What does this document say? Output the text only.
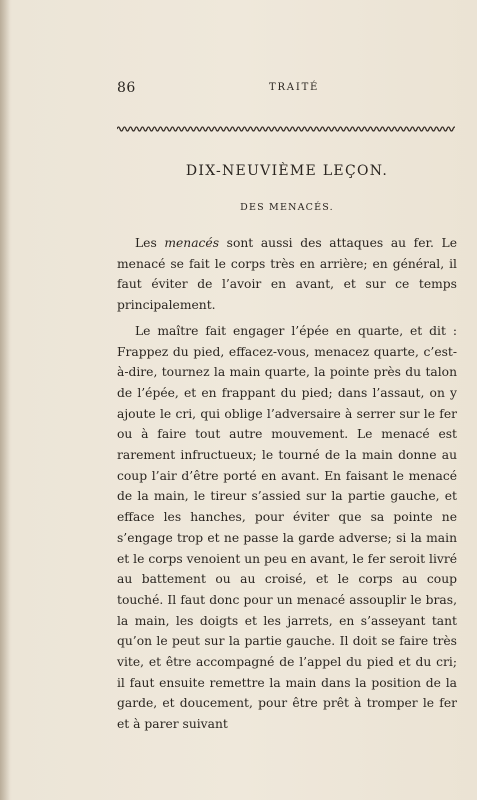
86	TRAITÉ
DIX-NEUVIÈME LEÇON.
DES MENACÉS.

Les menacés sont aussi des attaques au fer. Le menacé se fait le corps très en arrière; en général, il faut éviter de l’avoir en avant, et sur ce temps principalement.

Le maître fait engager l’épée en quarte, et dit : Frappez du pied, effacez-vous, menacez quarte, c’est-à-dire, tournez la main quarte, la pointe près du talon de l’épée, et en frappant du pied; dans l’assaut, on y ajoute le cri, qui oblige l’adversaire à serrer sur le fer ou à faire tout autre mouvement. Le menacé est rarement infructueux; le tourné de la main donne au coup l’air d’être porté en avant. En faisant le menacé de la main, le tireur s’assied sur la partie gauche, et efface les hanches, pour éviter que sa pointe ne s’engage trop et ne passe la garde adverse; si la main et le corps venoient un peu en avant, le fer seroit livré au battement ou au croisé, et le corps au coup touché. Il faut donc pour un menacé assouplir le bras, la main, les doigts et les jarrets, en s’asseyant tant qu’on le peut sur la partie gauche. Il doit se faire très vite, et être accompagné de l’appel du pied et du cri; il faut ensuite remettre la main dans la position de la garde, et doucement, pour être prêt à tromper le fer et à parer suivant
